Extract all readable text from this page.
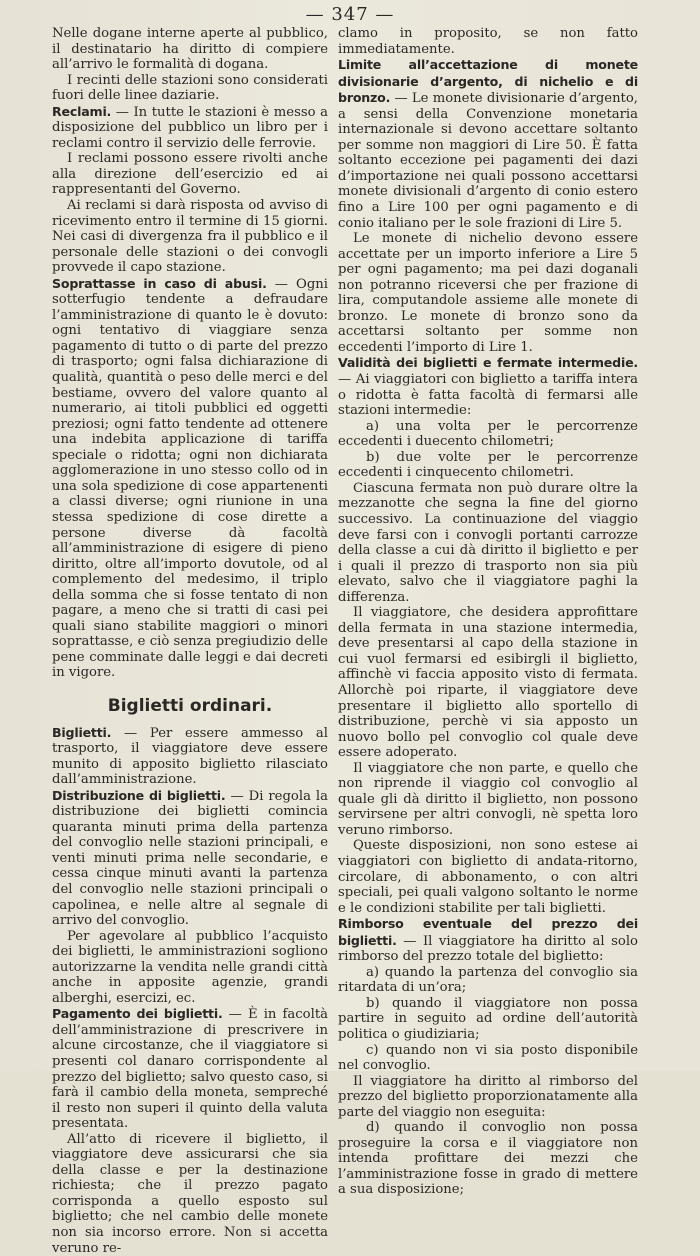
— 347 —

Nelle dogane interne aperte al pubblico, il destinatario ha diritto di compiere all’arrivo le formalità di dogana.

I recinti delle stazioni sono considerati fuori delle linee daziarie.

Reclami. — In tutte le stazioni è messo a disposizione del pubblico un libro per i reclami contro il servizio delle ferrovie.

I reclami possono essere rivolti anche alla direzione dell’esercizio ed ai rappresentanti del Governo.

Ai reclami si darà risposta od avviso di ricevimento entro il termine di 15 giorni. Nei casi di divergenza fra il pubblico e il personale delle stazioni o dei convogli provvede il capo stazione.

Soprattasse in caso di abusi. — Ogni sotterfugio tendente a defraudare l’amministrazione di quanto le è dovuto: ogni tentativo di viaggiare senza pagamento di tutto o di parte del prezzo di trasporto; ogni falsa dichiarazione di qualità, quantità o peso delle merci e del bestiame, ovvero del valore quanto al numerario, ai titoli pubblici ed oggetti preziosi; ogni fatto tendente ad ottenere una indebita applicazione di tariffa speciale o ridotta; ogni non dichiarata agglomerazione in uno stesso collo od in una sola spedizione di cose appartenenti a classi diverse; ogni riunione in una stessa spedizione di cose dirette a persone diverse dà facoltà all’amministrazione di esigere di pieno diritto, oltre all’importo dovutole, od al complemento del medesimo, il triplo della somma che si fosse tentato di non pagare, a meno che si tratti di casi pei quali siano stabilite maggiori o minori soprattasse, e ciò senza pregiudizio delle pene comminate dalle leggi e dai decreti in vigore.

Biglietti ordinari.

Biglietti. — Per essere ammesso al trasporto, il viaggiatore deve essere munito di apposito biglietto rilasciato dall’amministrazione.

Distribuzione di biglietti. — Di regola la distribuzione dei biglietti comincia quaranta minuti prima della partenza del convoglio nelle stazioni principali, e venti minuti prima nelle secondarie, e cessa cinque minuti avanti la partenza del convoglio nelle stazioni principali o capolinea, e nelle altre al segnale di arrivo del convoglio.

Per agevolare al pubblico l’acquisto dei biglietti, le amministrazioni sogliono autorizzarne la vendita nelle grandi città anche in apposite agenzie, grandi alberghi, esercizi, ec.

Pagamento dei biglietti. — È in facoltà dell’amministrazione di prescrivere in alcune circostanze, che il viaggiatore si presenti col danaro corrispondente al prezzo del biglietto; salvo questo caso, si farà il cambio della moneta, sempreché il resto non superi il quinto della valuta presentata.

All’atto di ricevere il biglietto, il viaggiatore deve assicurarsi che sia della classe e per la destinazione richiesta; che il prezzo pagato corrisponda a quello esposto sul biglietto; che nel cambio delle monete non sia incorso errore. Non si accetta veruno re-

clamo in proposito, se non fatto immediatamente.

Limite all’accettazione di monete divisionarie d’argento, di nichelio e di bronzo. — Le monete divisionarie d’argento, a sensi della Convenzione monetaria internazionale si devono accettare soltanto per somme non maggiori di Lire 50. È fatta soltanto eccezione pei pagamenti dei dazi d’importazione nei quali possono accettarsi monete divisionali d’argento di conio estero fino a Lire 100 per ogni pagamento e di conio italiano per le sole frazioni di Lire 5.

Le monete di nichelio devono essere accettate per un importo inferiore a Lire 5 per ogni pagamento; ma pei dazi doganali non potranno riceversi che per frazione di lira, computandole assieme alle monete di bronzo. Le monete di bronzo sono da accettarsi soltanto per somme non eccedenti l’importo di Lire 1.

Validità dei biglietti e fermate intermedie. — Ai viaggiatori con biglietto a tariffa intera o ridotta è fatta facoltà di fermarsi alle stazioni intermedie:

a) una volta per le percorrenze eccedenti i duecento chilometri;

b) due volte per le percorrenze eccedenti i cinquecento chilometri.

Ciascuna fermata non può durare oltre la mezzanotte che segna la fine del giorno successivo. La continuazione del viaggio deve farsi con i convogli portanti carrozze della classe a cui dà diritto il biglietto e per i quali il prezzo di trasporto non sia più elevato, salvo che il viaggiatore paghi la differenza.

Il viaggiatore, che desidera approfittare della fermata in una stazione intermedia, deve presentarsi al capo della stazione in cui vuol fermarsi ed esibirgli il biglietto, affinchè vi faccia apposito visto di fermata. Allorchè poi riparte, il viaggiatore deve presentare il biglietto allo sportello di distribuzione, perchè vi sia apposto un nuovo bollo pel convoglio col quale deve essere adoperato.

Il viaggiatore che non parte, e quello che non riprende il viaggio col convoglio al quale gli dà diritto il biglietto, non possono servirsene per altri convogli, nè spetta loro veruno rimborso.

Queste disposizioni, non sono estese ai viaggiatori con biglietto di andata-ritorno, circolare, di abbonamento, o con altri speciali, pei quali valgono soltanto le norme e le condizioni stabilite per tali biglietti.

Rimborso eventuale del prezzo dei biglietti. — Il viaggiatore ha diritto al solo rimborso del prezzo totale del biglietto:

a) quando la partenza del convoglio sia ritardata di un’ora;

b) quando il viaggiatore non possa partire in seguito ad ordine dell’autorità politica o giudiziaria;

c) quando non vi sia posto disponibile nel convoglio.

Il viaggiatore ha diritto al rimborso del prezzo del biglietto proporzionatamente alla parte del viaggio non eseguita:

d) quando il convoglio non possa proseguire la corsa e il viaggiatore non intenda profittare dei mezzi che l’amministrazione fosse in grado di mettere a sua disposizione;
